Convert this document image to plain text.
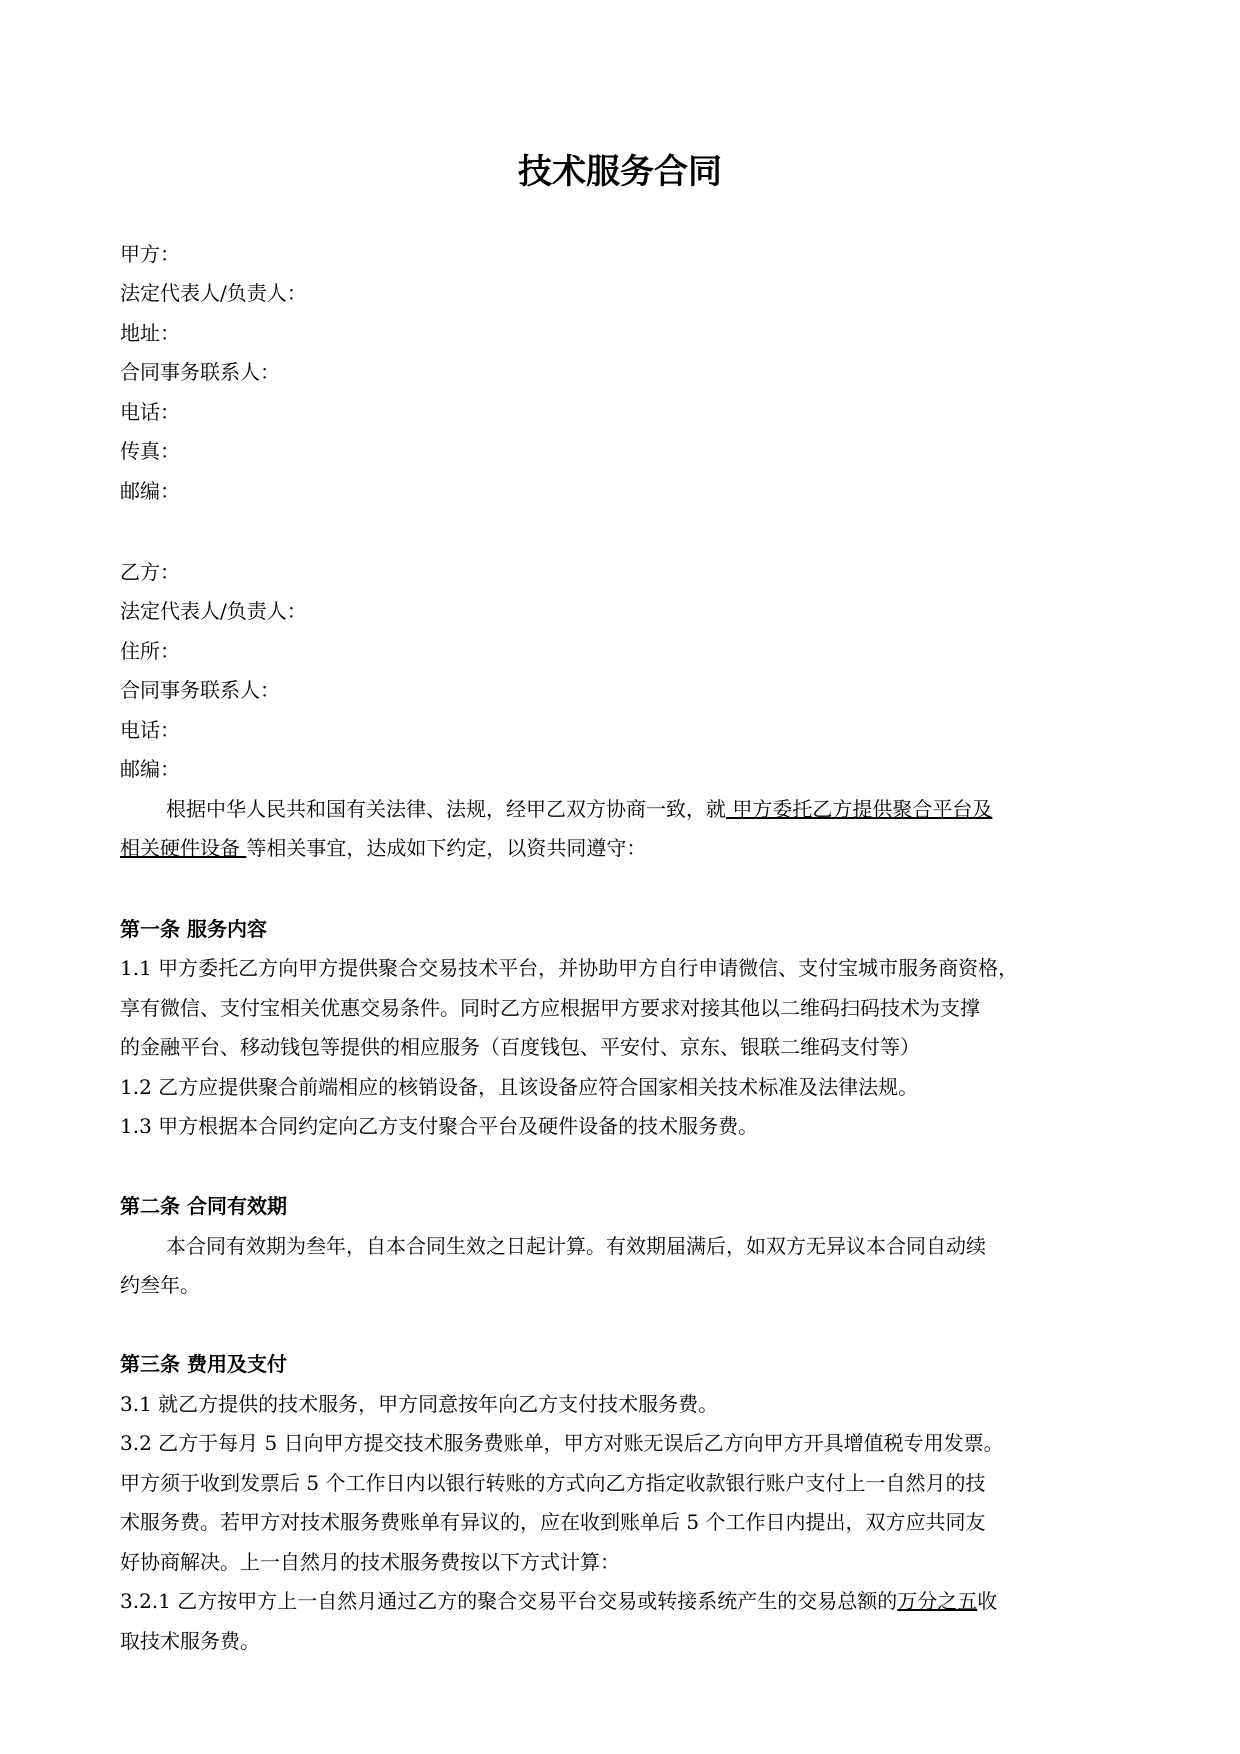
技术服务合同
甲方：
法定代表人/负责人：
地址：
合同事务联系人：
电话：
传真：
邮编：
乙方：
法定代表人/负责人：
住所：
合同事务联系人：
电话：
邮编：
根据中华人民共和国有关法律、法规，经甲乙双方协商一致，就 甲方委托乙方提供聚合平台及
相关硬件设备 等相关事宜，达成如下约定，以资共同遵守：
第一条 服务内容
1.1 甲方委托乙方向甲方提供聚合交易技术平台，并协助甲方自行申请微信、支付宝城市服务商资格，
享有微信、支付宝相关优惠交易条件。同时乙方应根据甲方要求对接其他以二维码扫码技术为支撑
的金融平台、移动钱包等提供的相应服务（百度钱包、平安付、京东、银联二维码支付等）
1.2 乙方应提供聚合前端相应的核销设备，且该设备应符合国家相关技术标准及法律法规。
1.3 甲方根据本合同约定向乙方支付聚合平台及硬件设备的技术服务费。
第二条 合同有效期
本合同有效期为叁年，自本合同生效之日起计算。有效期届满后，如双方无异议本合同自动续
约叁年。
第三条 费用及支付
3.1 就乙方提供的技术服务，甲方同意按年向乙方支付技术服务费。
3.2 乙方于每月 5 日向甲方提交技术服务费账单，甲方对账无误后乙方向甲方开具增值税专用发票。
甲方须于收到发票后 5 个工作日内以银行转账的方式向乙方指定收款银行账户支付上一自然月的技
术服务费。若甲方对技术服务费账单有异议的，应在收到账单后 5 个工作日内提出，双方应共同友
好协商解决。上一自然月的技术服务费按以下方式计算：
3.2.1 乙方按甲方上一自然月通过乙方的聚合交易平台交易或转接系统产生的交易总额的万分之五收
取技术服务费。
